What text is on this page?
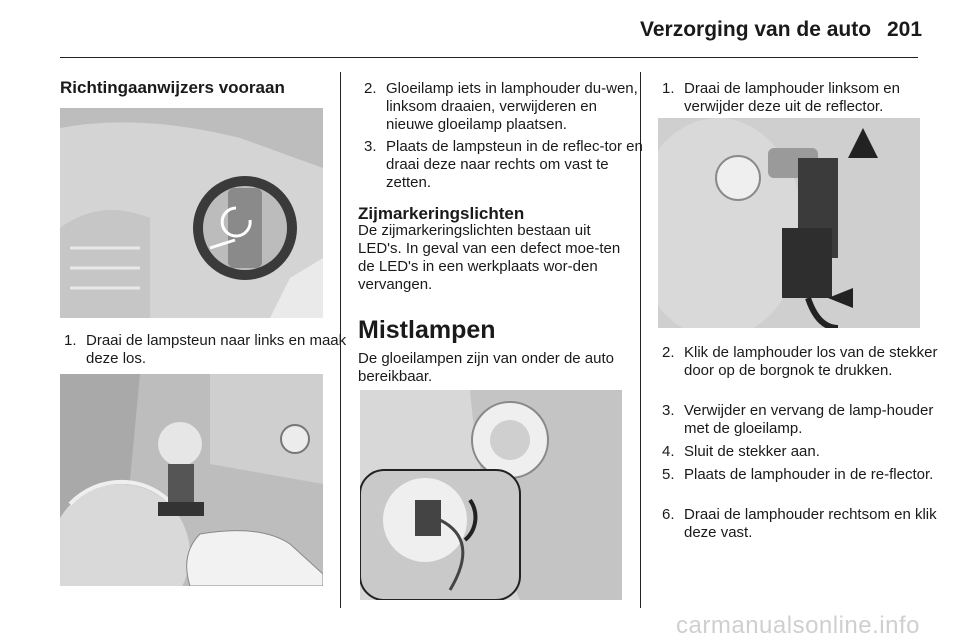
Verzorging van de auto 201
Richtingaanwijzers vooraan
1. Draai de lampsteun naar links en maak deze los.
2. Gloeilamp iets in lamphouder du-wen, linksom draaien, verwijderen en nieuwe gloeilamp plaatsen.
3. Plaats de lampsteun in de reflec-tor en draai deze naar rechts om vast te zetten.
Zijmarkeringslichten
De zijmarkeringslichten bestaan uit LED's. In geval van een defect moe-ten de LED's in een werkplaats wor-den vervangen.
Mistlampen
De gloeilampen zijn van onder de auto bereikbaar.
1. Draai de lamphouder linksom en verwijder deze uit de reflector.
2. Klik de lamphouder los van de stekker door op de borgnok te drukken.
3. Verwijder en vervang de lamp-houder met de gloeilamp.
4. Sluit de stekker aan.
5. Plaats de lamphouder in de re-flector.
6. Draai de lamphouder rechtsom en klik deze vast.
carmanualsonline.info
